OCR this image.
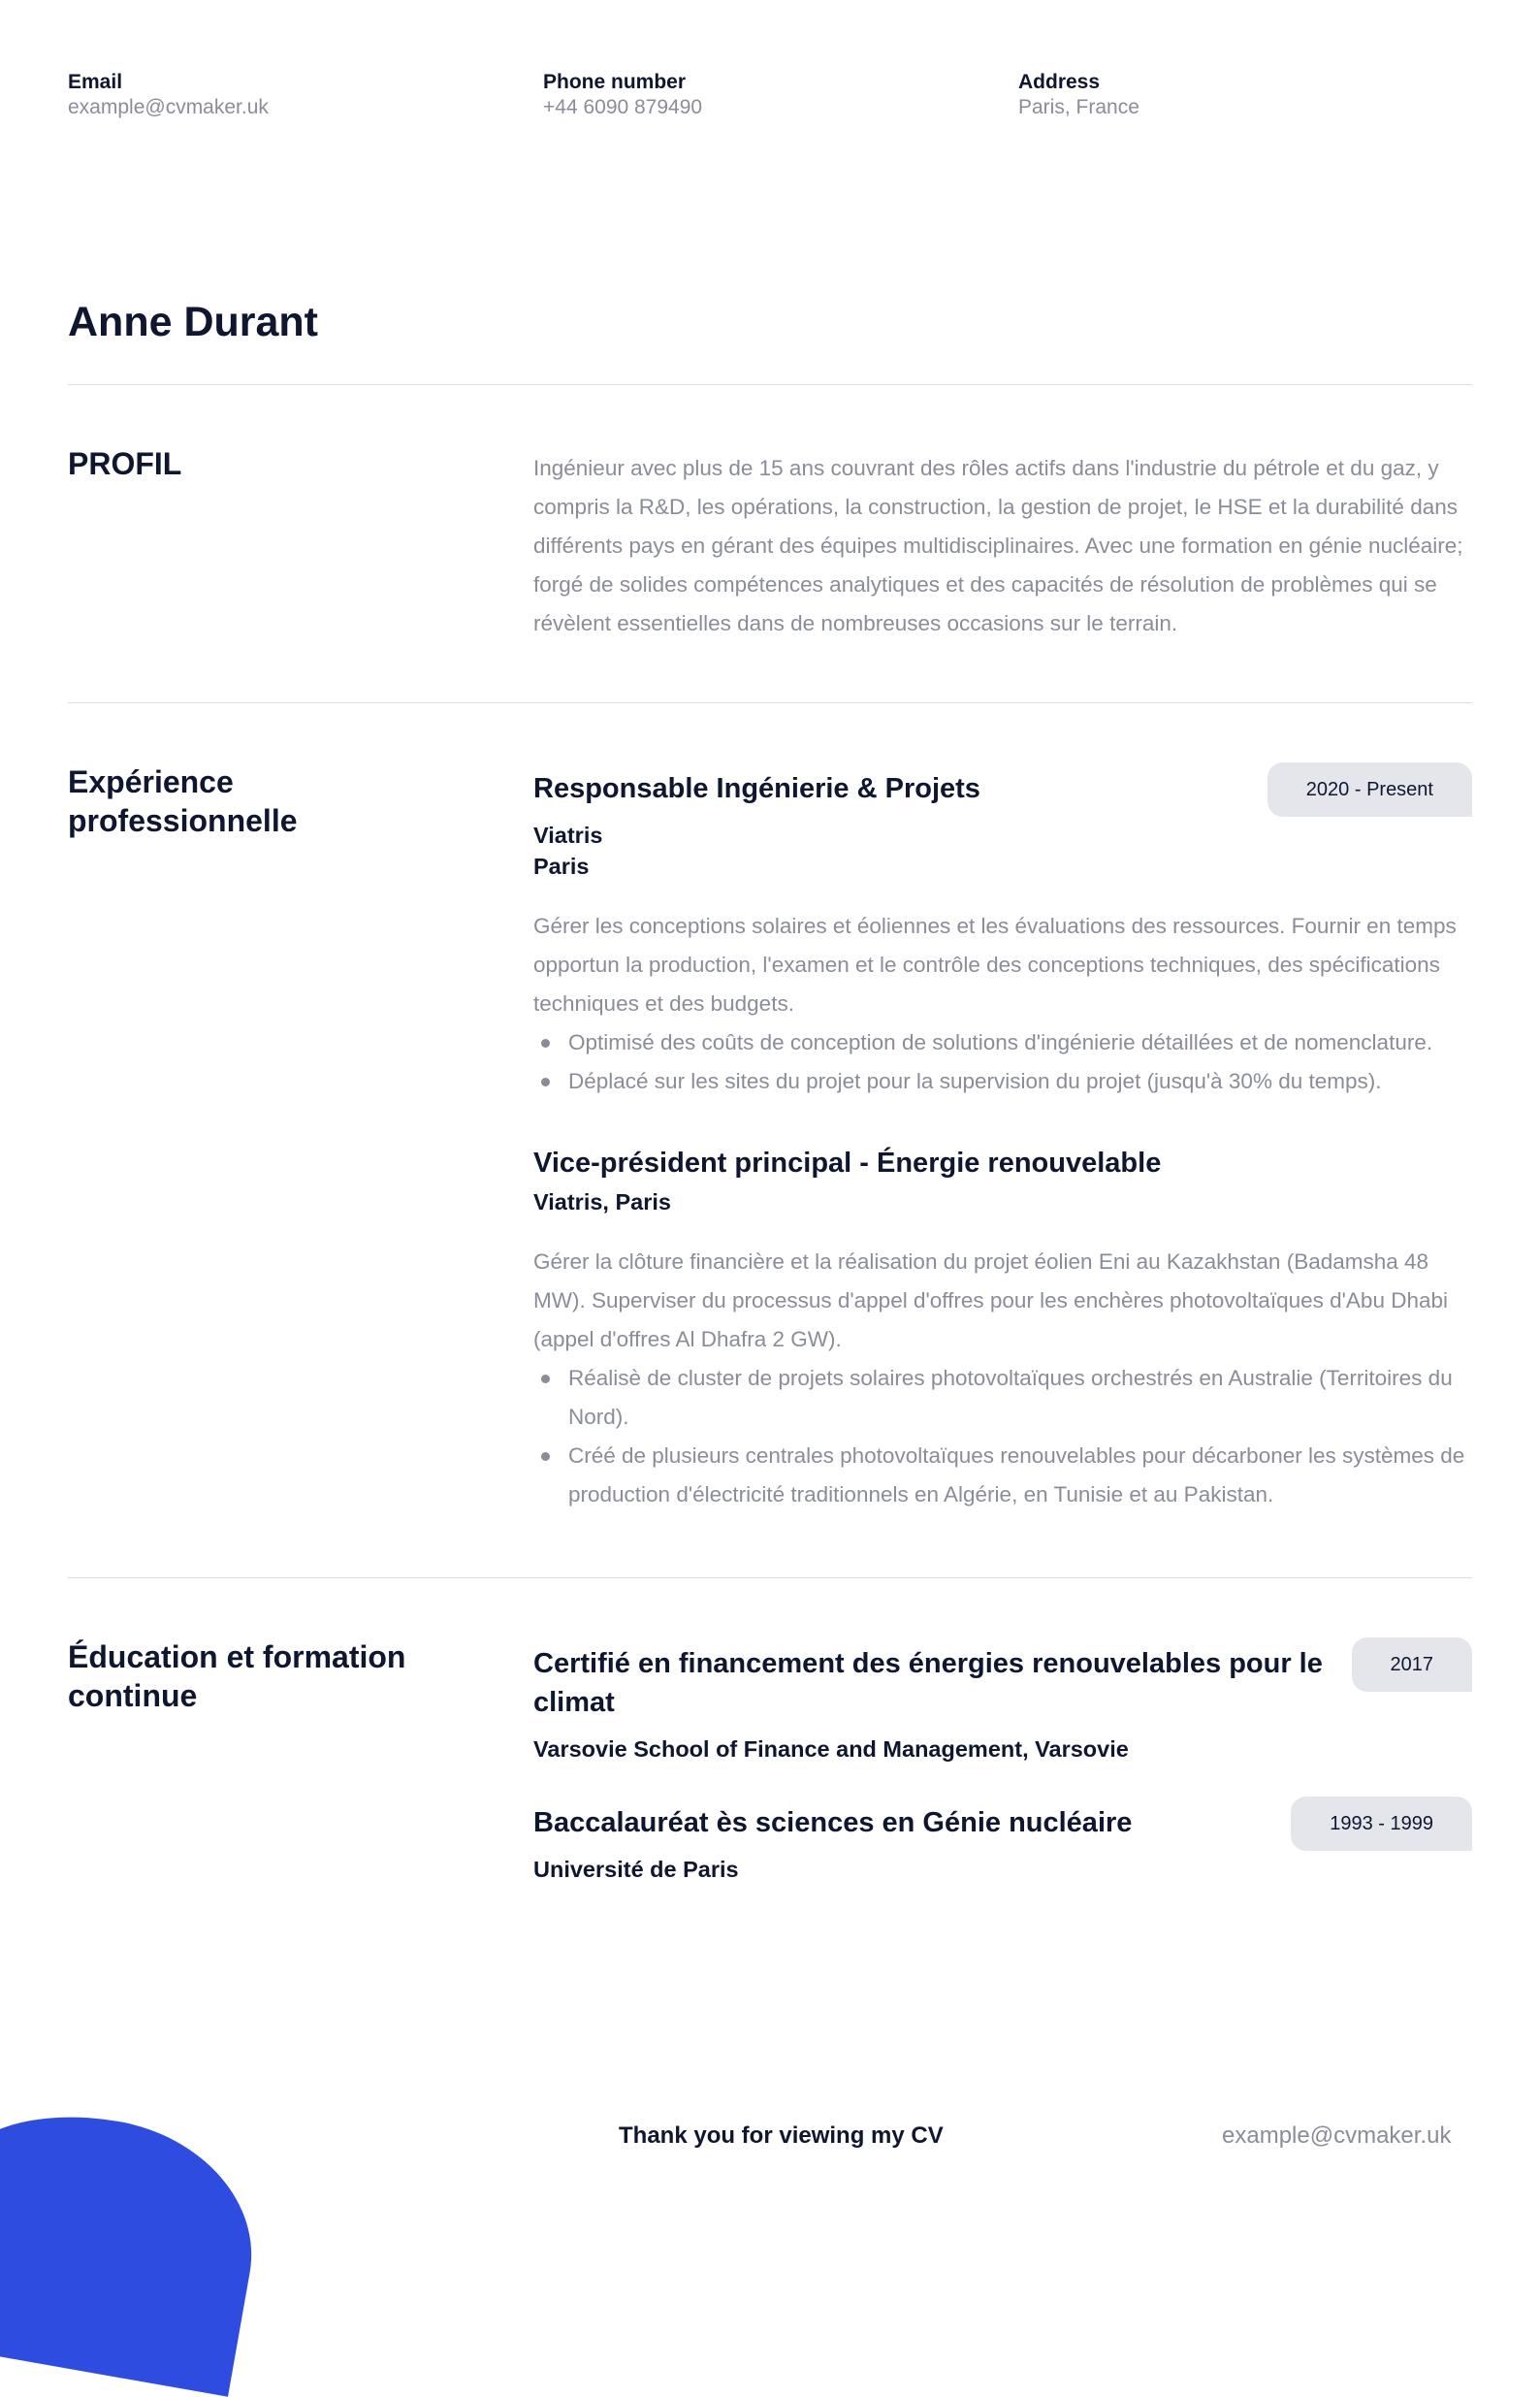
Email
example@cvmaker.uk
Phone number
+44 6090 879490
Address
Paris, France
Anne Durant
PROFIL	Ingénieur avec plus de 15 ans couvrant des rôles actifs dans l'industrie du pétrole et du gaz, y compris la R&D, les opérations, la construction, la gestion de projet, le HSE et la durabilité dans différents pays en gérant des équipes multidisciplinaires. Avec une formation en génie nucléaire; forgé de solides compétences analytiques et des capacités de résolution de problèmes qui se révèlent essentielles dans de nombreuses occasions sur le terrain.

Expérience professionnelle
2020 - Present
Responsable Ingénierie & Projets

Viatris

Paris

Gérer les conceptions solaires et éoliennes et les évaluations des ressources. Fournir en temps opportun la production, l'examen et le contrôle des conceptions techniques, des spécifications techniques et des budgets.

Optimisé des coûts de conception de solutions d'ingénierie détaillées et de nomenclature.
Déplacé sur les sites du projet pour la supervision du projet (jusqu'à 30% du temps).
Vice-président principal - Énergie renouvelable

Viatris, Paris

Gérer la clôture financière et la réalisation du projet éolien Eni au Kazakhstan (Badamsha 48 MW). Superviser du processus d'appel d'offres pour les enchères photovoltaïques d'Abu Dhabi (appel d'offres Al Dhafra 2 GW).

Réalisè de cluster de projets solaires photovoltaïques orchestrés en Australie (Territoires du Nord).
Créé de plusieurs centrales photovoltaïques renouvelables pour décarboner les systèmes de production d'électricité traditionnels en Algérie, en Tunisie et au Pakistan.
Éducation et formation continue
2017
Certifié en financement des énergies renouvelables pour le climat

Varsovie School of Finance and Management, Varsovie

1993 - 1999
Baccalauréat ès sciences en Génie nucléaire

Université de Paris

Thank you for viewing my CV	example@cvmaker.uk
